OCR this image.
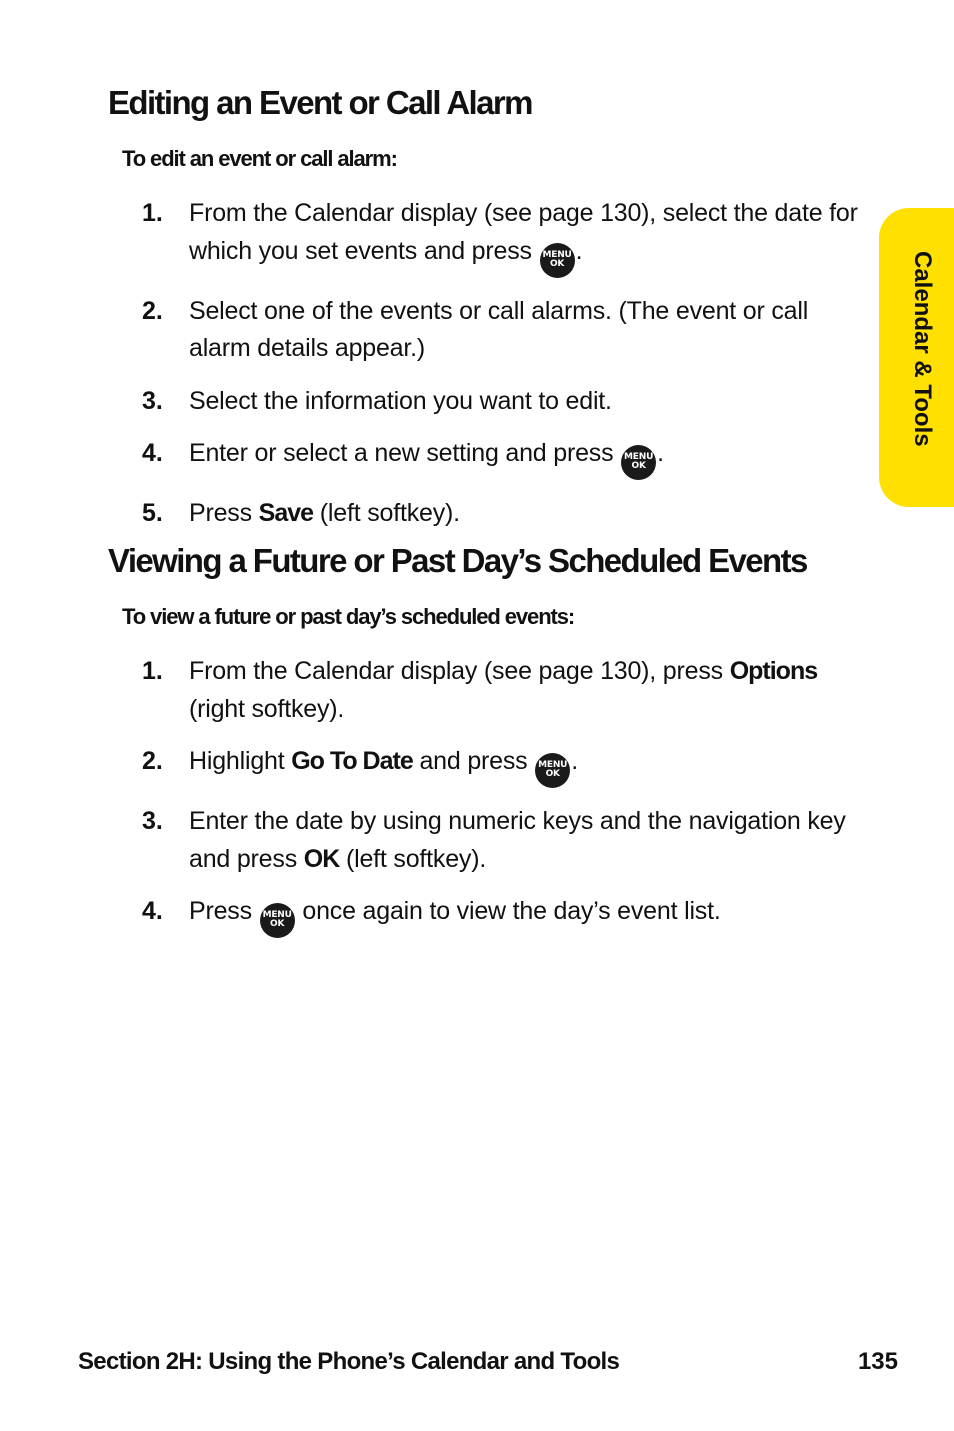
Editing an Event or Call Alarm
To edit an event or call alarm:
1.	From the Calendar display (see page 130), select the date for which you set events and press MENU
OK .
2.	Select one of the events or call alarms. (The event or call alarm details appear.)
3.	Select the information you want to edit.
4.	Enter or select a new setting and press MENU
OK .
5.	Press Save (left softkey).
Viewing a Future or Past Day’s Scheduled Events
To view a future or past day’s scheduled events:
1.	From the Calendar display (see page 130), press Options (right softkey).
2.	Highlight Go To Date and press MENU
OK .
3.	Enter the date by using numeric keys and the navigation key and press OK (left softkey).
4.	Press MENU
OK once again to view the day’s event list.
Calendar & Tools

Section 2H: Using the Phone’s Calendar and Tools	135
